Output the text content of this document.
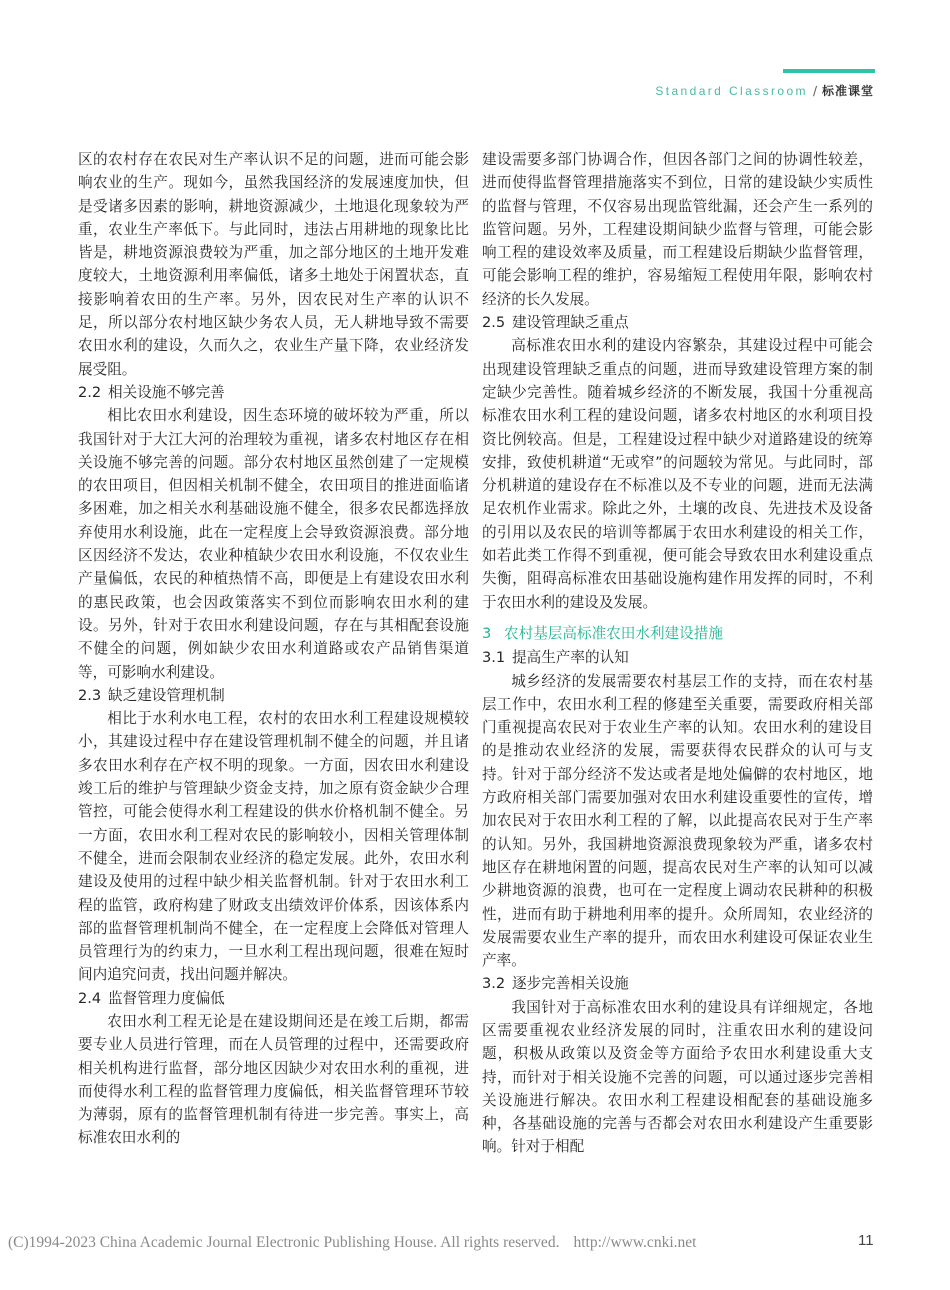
Standard Classroom / 标准课堂

区的农村存在农民对生产率认识不足的问题，进而可能会影响农业的生产。现如今，虽然我国经济的发展速度加快，但是受诸多因素的影响，耕地资源减少，土地退化现象较为严重，农业生产率低下。与此同时，违法占用耕地的现象比比皆是，耕地资源浪费较为严重，加之部分地区的土地开发难度较大，土地资源利用率偏低，诸多土地处于闲置状态，直接影响着农田的生产率。另外，因农民对生产率的认识不足，所以部分农村地区缺少务农人员，无人耕地导致不需要农田水利的建设，久而久之，农业生产量下降，农业经济发展受阻。

2.2 相关设施不够完善

相比农田水利建设，因生态环境的破坏较为严重，所以我国针对于大江大河的治理较为重视，诸多农村地区存在相关设施不够完善的问题。部分农村地区虽然创建了一定规模的农田项目，但因相关机制不健全，农田项目的推进面临诸多困难，加之相关水利基础设施不健全，很多农民都选择放弃使用水利设施，此在一定程度上会导致资源浪费。部分地区因经济不发达，农业种植缺少农田水利设施，不仅农业生产量偏低，农民的种植热情不高，即便是上有建设农田水利的惠民政策，也会因政策落实不到位而影响农田水利的建设。另外，针对于农田水利建设问题，存在与其相配套设施不健全的问题，例如缺少农田水利道路或农产品销售渠道等，可影响水利建设。

2.3 缺乏建设管理机制

相比于水利水电工程，农村的农田水利工程建设规模较小，其建设过程中存在建设管理机制不健全的问题，并且诸多农田水利存在产权不明的现象。一方面，因农田水利建设竣工后的维护与管理缺少资金支持，加之原有资金缺少合理管控，可能会使得水利工程建设的供水价格机制不健全。另一方面，农田水利工程对农民的影响较小，因相关管理体制不健全，进而会限制农业经济的稳定发展。此外，农田水利建设及使用的过程中缺少相关监督机制。针对于农田水利工程的监管，政府构建了财政支出绩效评价体系，因该体系内部的监督管理机制尚不健全，在一定程度上会降低对管理人员管理行为的约束力，一旦水利工程出现问题，很难在短时间内追究问责，找出问题并解决。

2.4 监督管理力度偏低

农田水利工程无论是在建设期间还是在竣工后期，都需要专业人员进行管理，而在人员管理的过程中，还需要政府相关机构进行监督，部分地区因缺少对农田水利的重视，进而使得水利工程的监督管理力度偏低，相关监督管理环节较为薄弱，原有的监督管理机制有待进一步完善。事实上，高标准农田水利的

建设需要多部门协调合作，但因各部门之间的协调性较差，进而使得监督管理措施落实不到位，日常的建设缺少实质性的监督与管理，不仅容易出现监管纰漏，还会产生一系列的监管问题。另外，工程建设期间缺少监督与管理，可能会影响工程的建设效率及质量，而工程建设后期缺少监督管理，可能会影响工程的维护，容易缩短工程使用年限，影响农村经济的长久发展。

2.5 建设管理缺乏重点

高标准农田水利的建设内容繁杂，其建设过程中可能会出现建设管理缺乏重点的问题，进而导致建设管理方案的制定缺少完善性。随着城乡经济的不断发展，我国十分重视高标准农田水利工程的建设问题，诸多农村地区的水利项目投资比例较高。但是，工程建设过程中缺少对道路建设的统筹安排，致使机耕道“无或窄”的问题较为常见。与此同时，部分机耕道的建设存在不标准以及不专业的问题，进而无法满足农机作业需求。除此之外，土壤的改良、先进技术及设备的引用以及农民的培训等都属于农田水利建设的相关工作，如若此类工作得不到重视，便可能会导致农田水利建设重点失衡，阻碍高标准农田基础设施构建作用发挥的同时，不利于农田水利的建设及发展。

3 农村基层高标准农田水利建设措施

3.1 提高生产率的认知

城乡经济的发展需要农村基层工作的支持，而在农村基层工作中，农田水利工程的修建至关重要，需要政府相关部门重视提高农民对于农业生产率的认知。农田水利的建设目的是推动农业经济的发展，需要获得农民群众的认可与支持。针对于部分经济不发达或者是地处偏僻的农村地区，地方政府相关部门需要加强对农田水利建设重要性的宣传，增加农民对于农田水利工程的了解，以此提高农民对于生产率的认知。另外，我国耕地资源浪费现象较为严重，诸多农村地区存在耕地闲置的问题，提高农民对生产率的认知可以减少耕地资源的浪费，也可在一定程度上调动农民耕种的积极性，进而有助于耕地利用率的提升。众所周知，农业经济的发展需要农业生产率的提升，而农田水利建设可保证农业生产率。

3.2 逐步完善相关设施

我国针对于高标准农田水利的建设具有详细规定，各地区需要重视农业经济发展的同时，注重农田水利的建设问题，积极从政策以及资金等方面给予农田水利建设重大支持，而针对于相关设施不完善的问题，可以通过逐步完善相关设施进行解决。农田水利工程建设相配套的基础设施多种，各基础设施的完善与否都会对农田水利建设产生重要影响。针对于相配

(C)1994-2023 China Academic Journal Electronic Publishing House. All rights reserved. http://www.cnki.net	11
